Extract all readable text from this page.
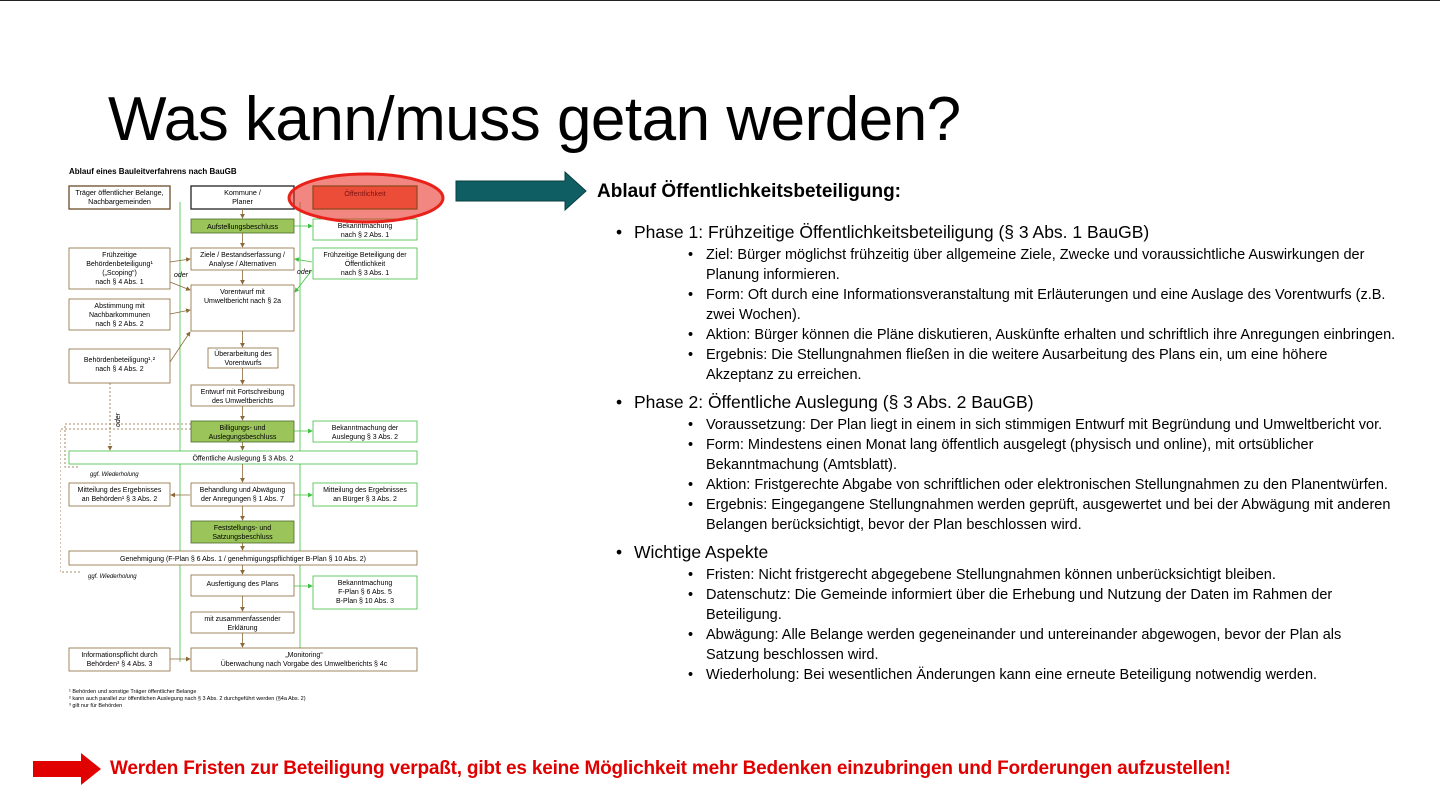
Was kann/muss getan werden?
Ablauf eines Bauleitverfahrens nach BauGB
Träger öffentlicher Belange,
Nachbargemeinden
Kommune /
Planer
Aufstellungsbeschluss
Ziele / Bestandserfassung /
Analyse / Alternativen
Vorentwurf mit
Umweltbericht nach § 2a
Überarbeitung des
Vorentwurfs
Entwurf mit Fortschreibung
des Umweltberichts
Billigungs- und
Auslegungsbeschluss
Öffentliche Auslegung § 3 Abs. 2
Behandlung und Abwägung
der Anregungen § 1 Abs. 7
Feststellungs- und
Satzungsbeschluss
Genehmigung (F-Plan § 6 Abs. 1 / genehmigungspflichtiger B-Plan § 10 Abs. 2)
Ausfertigung des Plans
mit zusammenfassender
Erklärung
„Monitoring“
Überwachung nach Vorgabe des Umweltberichts § 4c
Frühzeitige
Behördenbeteiligung¹
(„Scoping“)
nach § 4 Abs. 1
Abstimmung mit
Nachbarkommunen
nach § 2 Abs. 2
Behördenbeteiligung¹˒²
nach § 4 Abs. 2
Mitteilung des Ergebnisses
an Behörden¹ § 3 Abs. 2
Informationspflicht durch
Behörden³ § 4 Abs. 3
Bekanntmachung
nach § 2 Abs. 1
Frühzeitige Beteiligung der
Öffentlichkeit
nach § 3 Abs. 1
Bekanntmachung der
Auslegung § 3 Abs. 2
Mitteilung des Ergebnisses
an Bürger § 3 Abs. 2
Bekanntmachung
F-Plan § 6 Abs. 5
B-Plan § 10 Abs. 3
oder	oder
oder
ggf. Wiederholung
ggf. Wiederholung
¹ Behörden und sonstige Träger öffentlicher Belange
² kann auch parallel zur öffentlichen Auslegung nach § 3 Abs. 2 durchgeführt werden (§4a Abs. 2)
³ gilt nur für Behörden
Ablauf Öffentlichkeitsbeteiligung:
• Phase 1: Frühzeitige Öffentlichkeitsbeteiligung (§ 3 Abs. 1 BauGB)
• Ziel: Bürger möglichst frühzeitig über allgemeine Ziele, Zwecke und voraussichtliche Auswirkungen der Planung informieren.
• Form: Oft durch eine Informationsveranstaltung mit Erläuterungen und eine Auslage des Vorentwurfs (z.B. zwei Wochen).
• Aktion: Bürger können die Pläne diskutieren, Auskünfte erhalten und schriftlich ihre Anregungen einbringen.
• Ergebnis: Die Stellungnahmen fließen in die weitere Ausarbeitung des Plans ein, um eine höhere Akzeptanz zu erreichen.
• Phase 2: Öffentliche Auslegung (§ 3 Abs. 2 BauGB)
• Voraussetzung: Der Plan liegt in einem in sich stimmigen Entwurf mit Begründung und Umweltbericht vor.
• Form: Mindestens einen Monat lang öffentlich ausgelegt (physisch und online), mit ortsüblicher Bekanntmachung (Amtsblatt).
• Aktion: Fristgerechte Abgabe von schriftlichen oder elektronischen Stellungnahmen zu den Planentwürfen.
• Ergebnis: Eingegangene Stellungnahmen werden geprüft, ausgewertet und bei der Abwägung mit anderen Belangen berücksichtigt, bevor der Plan beschlossen wird.
• Wichtige Aspekte
• Fristen: Nicht fristgerecht abgegebene Stellungnahmen können unberücksichtigt bleiben.
• Datenschutz: Die Gemeinde informiert über die Erhebung und Nutzung der Daten im Rahmen der Beteiligung.
• Abwägung: Alle Belange werden gegeneinander und untereinander abgewogen, bevor der Plan als Satzung beschlossen wird.
• Wiederholung: Bei wesentlichen Änderungen kann eine erneute Beteiligung notwendig werden.
Werden Fristen zur Beteiligung verpaßt, gibt es keine Möglichkeit mehr Bedenken einzubringen und Forderungen aufzustellen!
